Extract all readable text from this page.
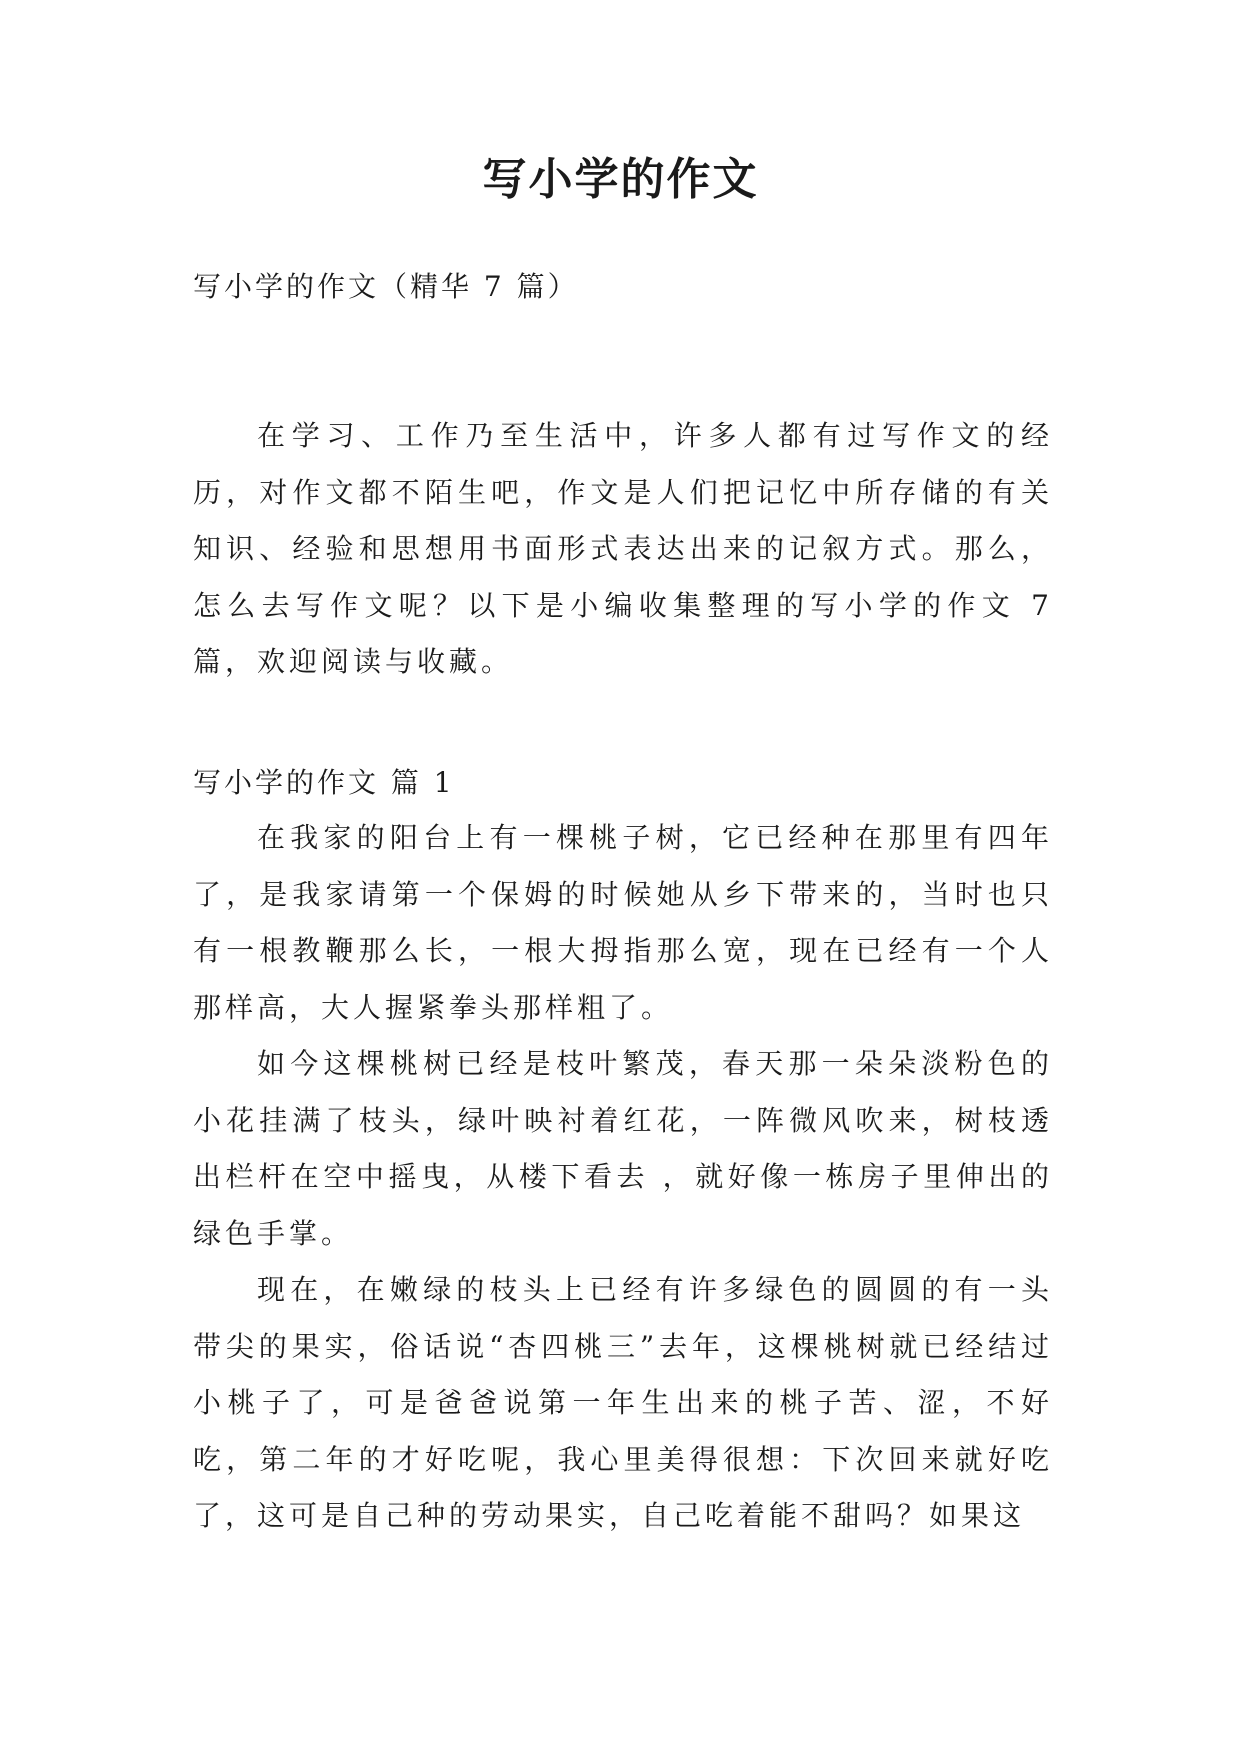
写小学的作文
写小学的作文（精华 7 篇）

在学习、工作乃至生活中，许多人都有过写作文的经历，对作文都不陌生吧，作文是人们把记忆中所存储的有关知识、经验和思想用书面形式表达出来的记叙方式。那么，怎么去写作文呢？以下是小编收集整理的写小学的作文 7 篇，欢迎阅读与收藏。

写小学的作文 篇 1

在我家的阳台上有一棵桃子树，它已经种在那里有四年了，是我家请第一个保姆的时候她从乡下带来的，当时也只有一根教鞭那么长，一根大拇指那么宽，现在已经有一个人那样高，大人握紧拳头那样粗了。

如今这棵桃树已经是枝叶繁茂，春天那一朵朵淡粉色的小花挂满了枝头，绿叶映衬着红花，一阵微风吹来，树枝透出栏杆在空中摇曳，从楼下看去 ，就好像一栋房子里伸出的绿色手掌。

现在，在嫩绿的枝头上已经有许多绿色的圆圆的有一头带尖的果实，俗话说“杏四桃三”去年，这棵桃树就已经结过小桃子了，可是爸爸说第一年生出来的桃子苦、涩，不好吃，第二年的才好吃呢，我心里美得很想：下次回来就好吃了，这可是自己种的劳动果实，自己吃着能不甜吗？如果这
